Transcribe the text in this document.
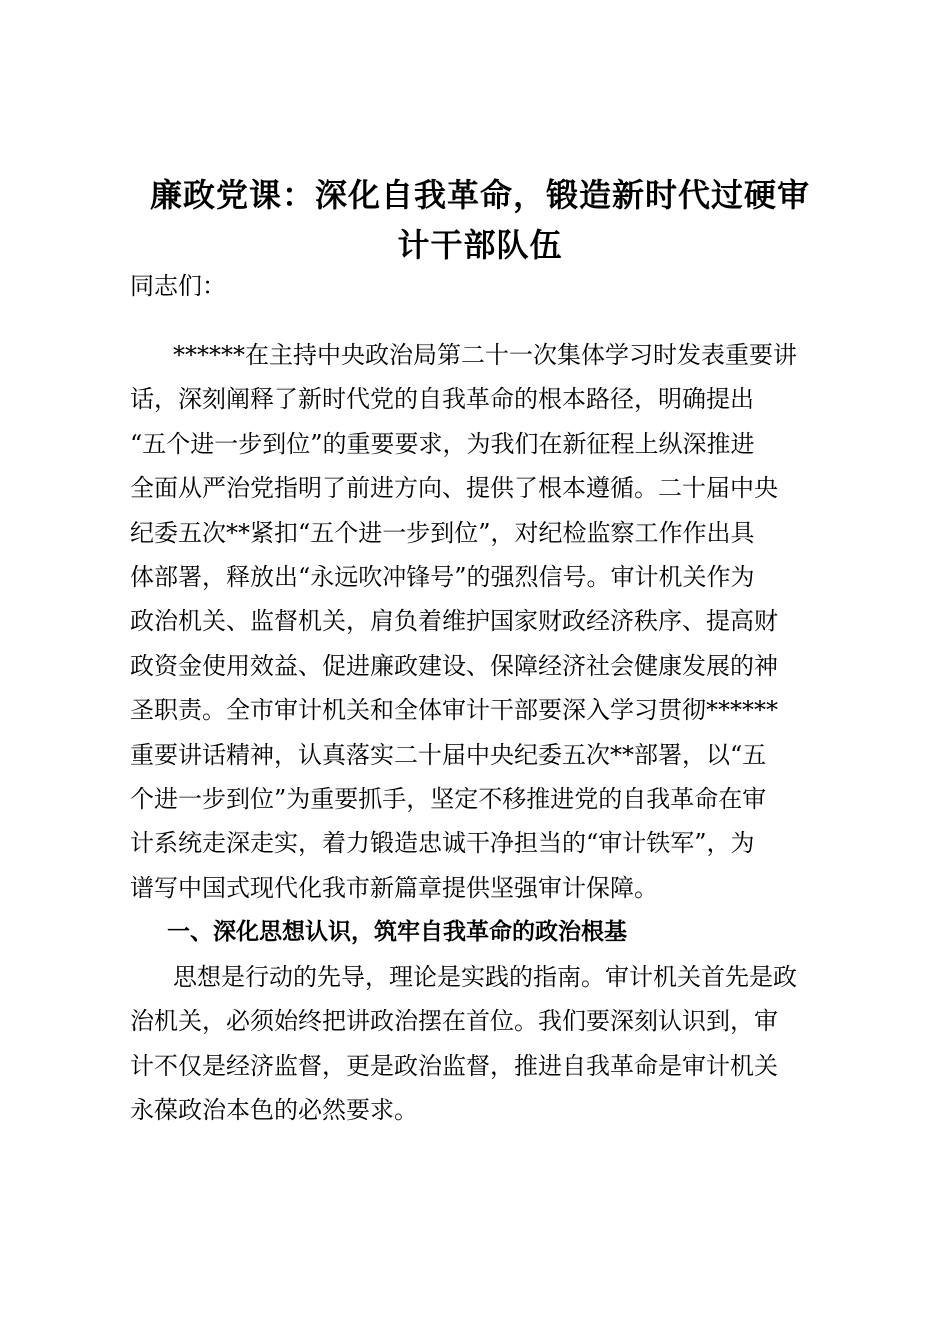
廉政党课：深化自我革命，锻造新时代过硬审
计干部队伍

同志们：

******在主持中央政治局第二十一次集体学习时发表重要讲
话，深刻阐释了新时代党的自我革命的根本路径，明确提出
“五个进一步到位”的重要要求，为我们在新征程上纵深推进
全面从严治党指明了前进方向、提供了根本遵循。二十届中央
纪委五次**紧扣“五个进一步到位”，对纪检监察工作作出具
体部署，释放出“永远吹冲锋号”的强烈信号。审计机关作为
政治机关、监督机关，肩负着维护国家财政经济秩序、提高财
政资金使用效益、促进廉政建设、保障经济社会健康发展的神
圣职责。全市审计机关和全体审计干部要深入学习贯彻******
重要讲话精神，认真落实二十届中央纪委五次**部署，以“五
个进一步到位”为重要抓手，坚定不移推进党的自我革命在审
计系统走深走实，着力锻造忠诚干净担当的“审计铁军”，为
谱写中国式现代化我市新篇章提供坚强审计保障。
一、深化思想认识，筑牢自我革命的政治根基
思想是行动的先导，理论是实践的指南。审计机关首先是政
治机关，必须始终把讲政治摆在首位。我们要深刻认识到，审
计不仅是经济监督，更是政治监督，推进自我革命是审计机关
永葆政治本色的必然要求。
